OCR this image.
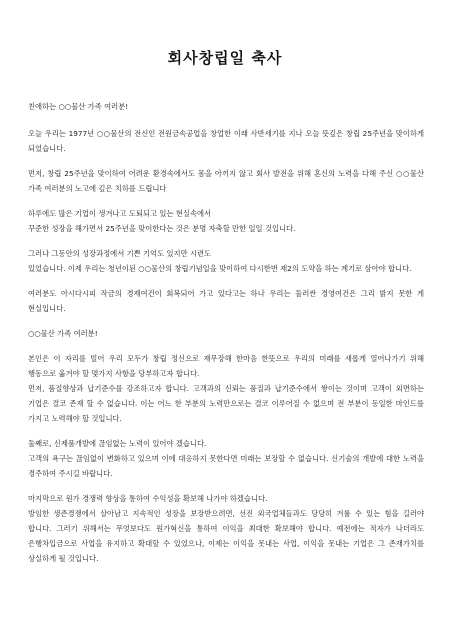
회사창립일 축사

친애하는 ○○물산 가족 여러분!

오늘 우리는 1977년 ○○물산의 전신인 전원금속공업을 창업한 이래 사반세기를 지나 오늘 뜻깊은 창립 25주년을 맞이하게 되었습니다.

먼저, 창립 25주년을 맞이하여 어려운 환경속에서도 몸을 아끼지 않고 회사 발전을 위해 혼신의 노력을 다해 주신 ○○물산 가족 여러분의 노고에 깊은 치하를 드립니다

하루에도 많은 기업이 생겨나고 도퇴되고 있는 현실속에서
꾸준한 성장을 해가면서 25주년을 맞이한다는 것은 분명 자축할 만한 일일 것입니다.

그러나 그동안의 성장과정에서 기쁜 기억도 있지만 시련도
있었습니다. 이제 우리는 청년이된 ○○물산의 창립기념일을 맞이하여 다시한번 제2의 도약을 하는 계기로 삼아야 합니다.

여러분도 아시다시피 작금의 경제여건이 회복되어 가고 있다고는 하나 우리는 둘러싼 경영여건은 그리 밝지 못한 게 현실입니다.

○○물산 가족 여러분!

본인은 이 자리를 빌어 우리 모두가 창립 정신으로 재무장해 한마음 한뜻으로 우리의 미래를 새롭게 열어나가기 위해 행동으로 옮겨야 할 몇가지 사항을 당부하고자 합니다.
먼저, 품질향상과 납기준수를 강조하고자 합니다. 고객과의 신뢰는 품질과 납기준수에서 쌓이는 것이며 고객이 외면하는 기업은 결코 존재 할 수 없습니다. 이는 어느 한 부분의 노력만으로는 결코 이루어질 수 없으며 전 부분이 동일한 마인드를 가지고 노력해야 할 것입니다.

둘째로, 신제품개발에 끊임없는 노력이 있어야 겠습니다.
고객의 욕구는 끊임없이 변화하고 있으며 이에 대응하지 못한다면 미래는 보장할 수 없습니다. 신기술의 개발에 대한 노력을 경주하여 주시길 바랍니다.

마지막으로 원가 경쟁력 향상을 통하여 수익성을 확보해 나가야 하겠습니다.
방임한 생존경쟁에서 살아남고 지속적인 성장을 보장받으려면, 선진 외국업체들과도 당당히 겨룰 수 있는 힘을 길러야 합니다. 그러기 위해서는 무엇보다도 원가혁신을 통하여 이익을 최대한 확보해야 합니다. 예전에는 적자가 나더라도 은행차입금으로 사업을 유지하고 확대할 수 있었으나, 이제는 이익을 못내는 사업, 이익을 못내는 기업은 그 존재가치를 상실하게 될 것입니다.
